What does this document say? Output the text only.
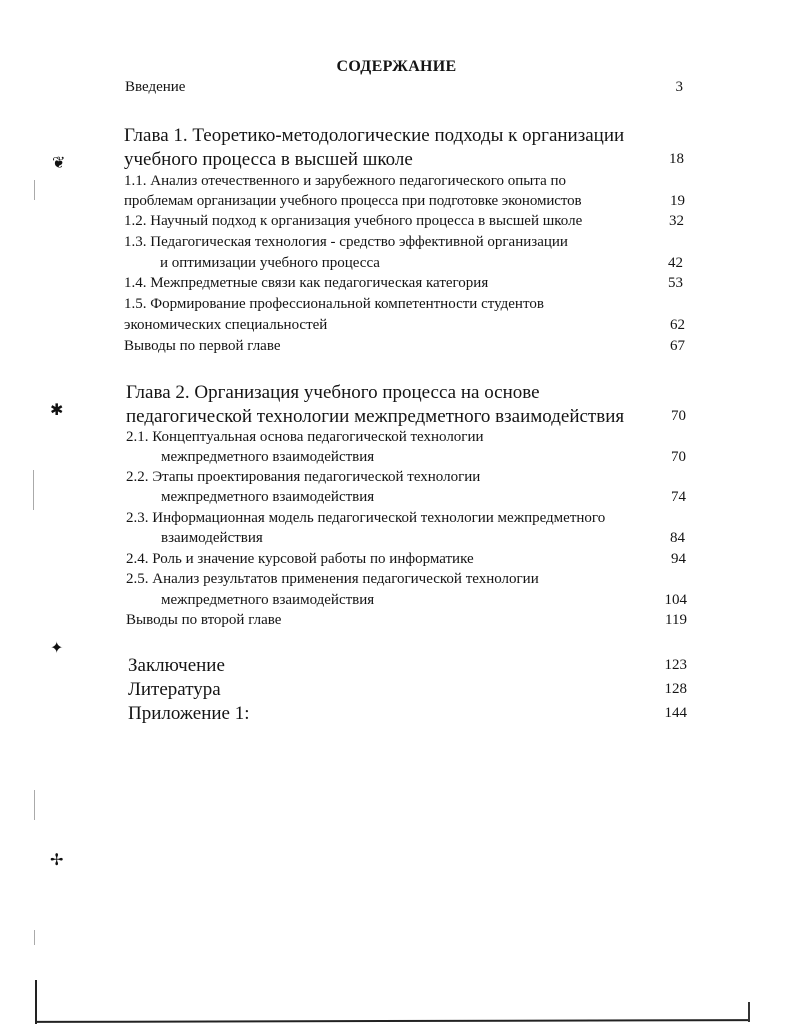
СОДЕРЖАНИЕ
Введение	3
Глава 1. Теоретико-методологические подходы к организации
учебного процесса в высшей школе	18
1.1. Анализ отечественного и зарубежного педагогического опыта по
проблемам организации учебного процесса при подготовке экономистов	19
1.2. Научный подход к организация учебного процесса в высшей школе	32
1.3. Педагогическая технология - средство эффективной организации
и оптимизации учебного процесса	42
1.4. Межпредметные связи как педагогическая категория	53
1.5. Формирование профессиональной компетентности студентов
экономических специальностей	62
Выводы по первой главе	67
Глава 2. Организация учебного процесса на основе
педагогической технологии межпредметного взаимодействия	70
2.1. Концептуальная основа педагогической технологии
межпредметного взаимодействия	70
2.2. Этапы проектирования педагогической технологии
межпредметного взаимодействия	74
2.3. Информационная модель педагогической технологии межпредметного
взаимодействия	84
2.4. Роль и значение курсовой работы по информатике	94
2.5. Анализ результатов применения педагогической технологии
межпредметного взаимодействия	104
Выводы по второй главе	119
Заключение	123
Литература	128
Приложение 1:	144
❦
✱
✦
✢
